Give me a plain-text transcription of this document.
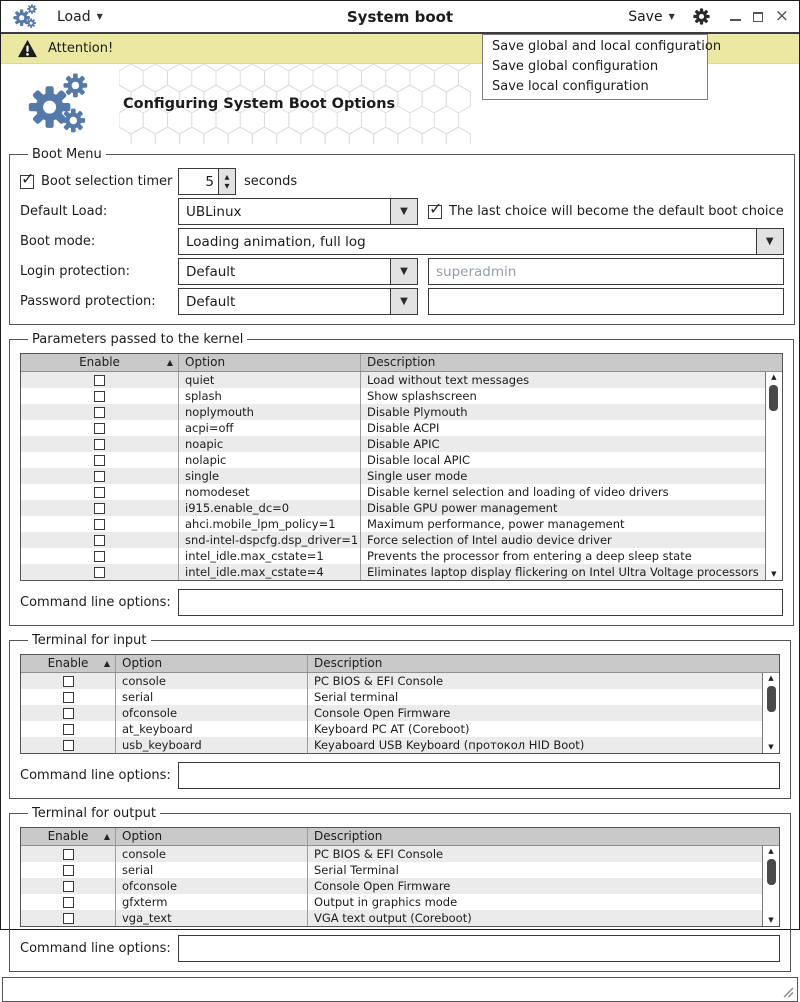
Load ▼	System boot	Save ▼	×
Save global and local configuration
Save global configuration
Save local configuration
Attention!
Configuring System Boot Options
Boot Menu
✓
Boot selection timer	5	▲
▼ seconds
Default Load:	UBLinux	▼ ✓	The last choice will become the default boot choice
Boot mode:	Loading animation, full log	▼
Login protection:	Default	▼
superadmin
Password protection:	Default	▼
Parameters passed to the kernel
Enable	▲	Option	Description
quiet	Load without text messages
splash	Show splashscreen
noplymouth	Disable Plymouth
acpi=off	Disable ACPI
noapic	Disable APIC
nolapic	Disable local APIC
single	Single user mode
nomodeset	Disable kernel selection and loading of video drivers
i915.enable_dc=0	Disable GPU power management
ahci.mobile_lpm_policy=1	Maximum performance, power management
snd-intel-dspcfg.dsp_driver=1 Force selection of Intel audio device driver
intel_idle.max_cstate=1	Prevents the processor from entering a deep sleep state
intel_idle.max_cstate=4	Eliminates laptop display flickering on Intel Ultra Voltage processors
▲
▼
Command line options:
Terminal for input
Enable ▲	Option	Description
console	PC BIOS & EFI Console
serial	Serial terminal
ofconsole	Console Open Firmware
at_keyboard	Keyboard PC AT (Coreboot)
usb_keyboard	Keyaboard USB Keyboard (протокол HID Boot)
▲
▼
Command line options:
Terminal for output
Enable ▲	Option	Description
console	PC BIOS & EFI Console
serial	Serial Terminal
ofconsole	Console Open Firmware
gfxterm	Output in graphics mode
vga_text	VGA text output (Coreboot)
▲
▼
Command line options:
